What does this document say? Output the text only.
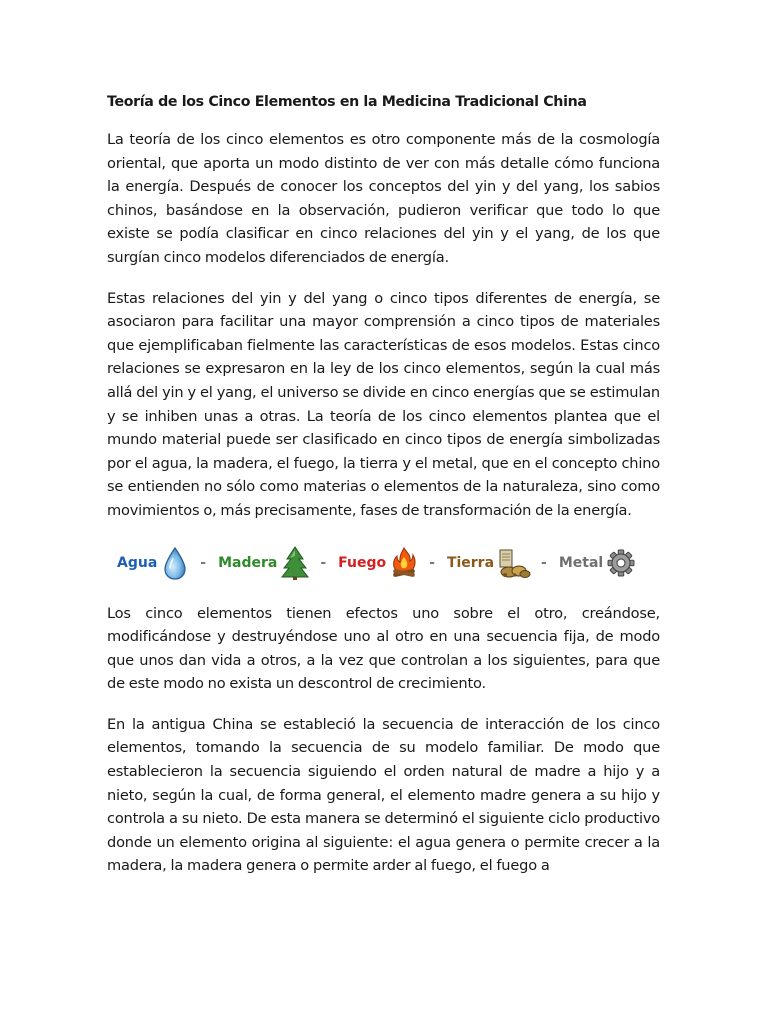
Teoría de los Cinco Elementos en la Medicina Tradicional China

La teoría de los cinco elementos es otro componente más de la cosmología oriental, que aporta un modo distinto de ver con más detalle cómo funciona la energía. Después de conocer los conceptos del yin y del yang, los sabios chinos, basándose en la observación, pudieron verificar que todo lo que existe se podía clasificar en cinco relaciones del yin y el yang, de los que surgían cinco modelos diferenciados de energía.

Estas relaciones del yin y del yang o cinco tipos diferentes de energía, se asociaron para facilitar una mayor comprensión a cinco tipos de materiales que ejemplificaban fielmente las características de esos modelos. Estas cinco relaciones se expresaron en la ley de los cinco elementos, según la cual más allá del yin y el yang, el universo se divide en cinco energías que se estimulan y se inhiben unas a otras. La teoría de los cinco elementos plantea que el mundo material puede ser clasificado en cinco tipos de energía simbolizadas por el agua, la madera, el fuego, la tierra y el metal, que en el concepto chino se entienden no sólo como materias o elementos de la naturaleza, sino como movimientos o, más precisamente, fases de transformación de la energía.

Agua	- Madera	- Fuego	- Tierra	- Metal

Los cinco elementos tienen efectos uno sobre el otro, creándose, modificándose y destruyéndose uno al otro en una secuencia fija, de modo que unos dan vida a otros, a la vez que controlan a los siguientes, para que de este modo no exista un descontrol de crecimiento.

En la antigua China se estableció la secuencia de interacción de los cinco elementos, tomando la secuencia de su modelo familiar. De modo que establecieron la secuencia siguiendo el orden natural de madre a hijo y a nieto, según la cual, de forma general, el elemento madre genera a su hijo y controla a su nieto. De esta manera se determinó el siguiente ciclo productivo donde un elemento origina al siguiente: el agua genera o permite crecer a la madera, la madera genera o permite arder al fuego, el fuego a
